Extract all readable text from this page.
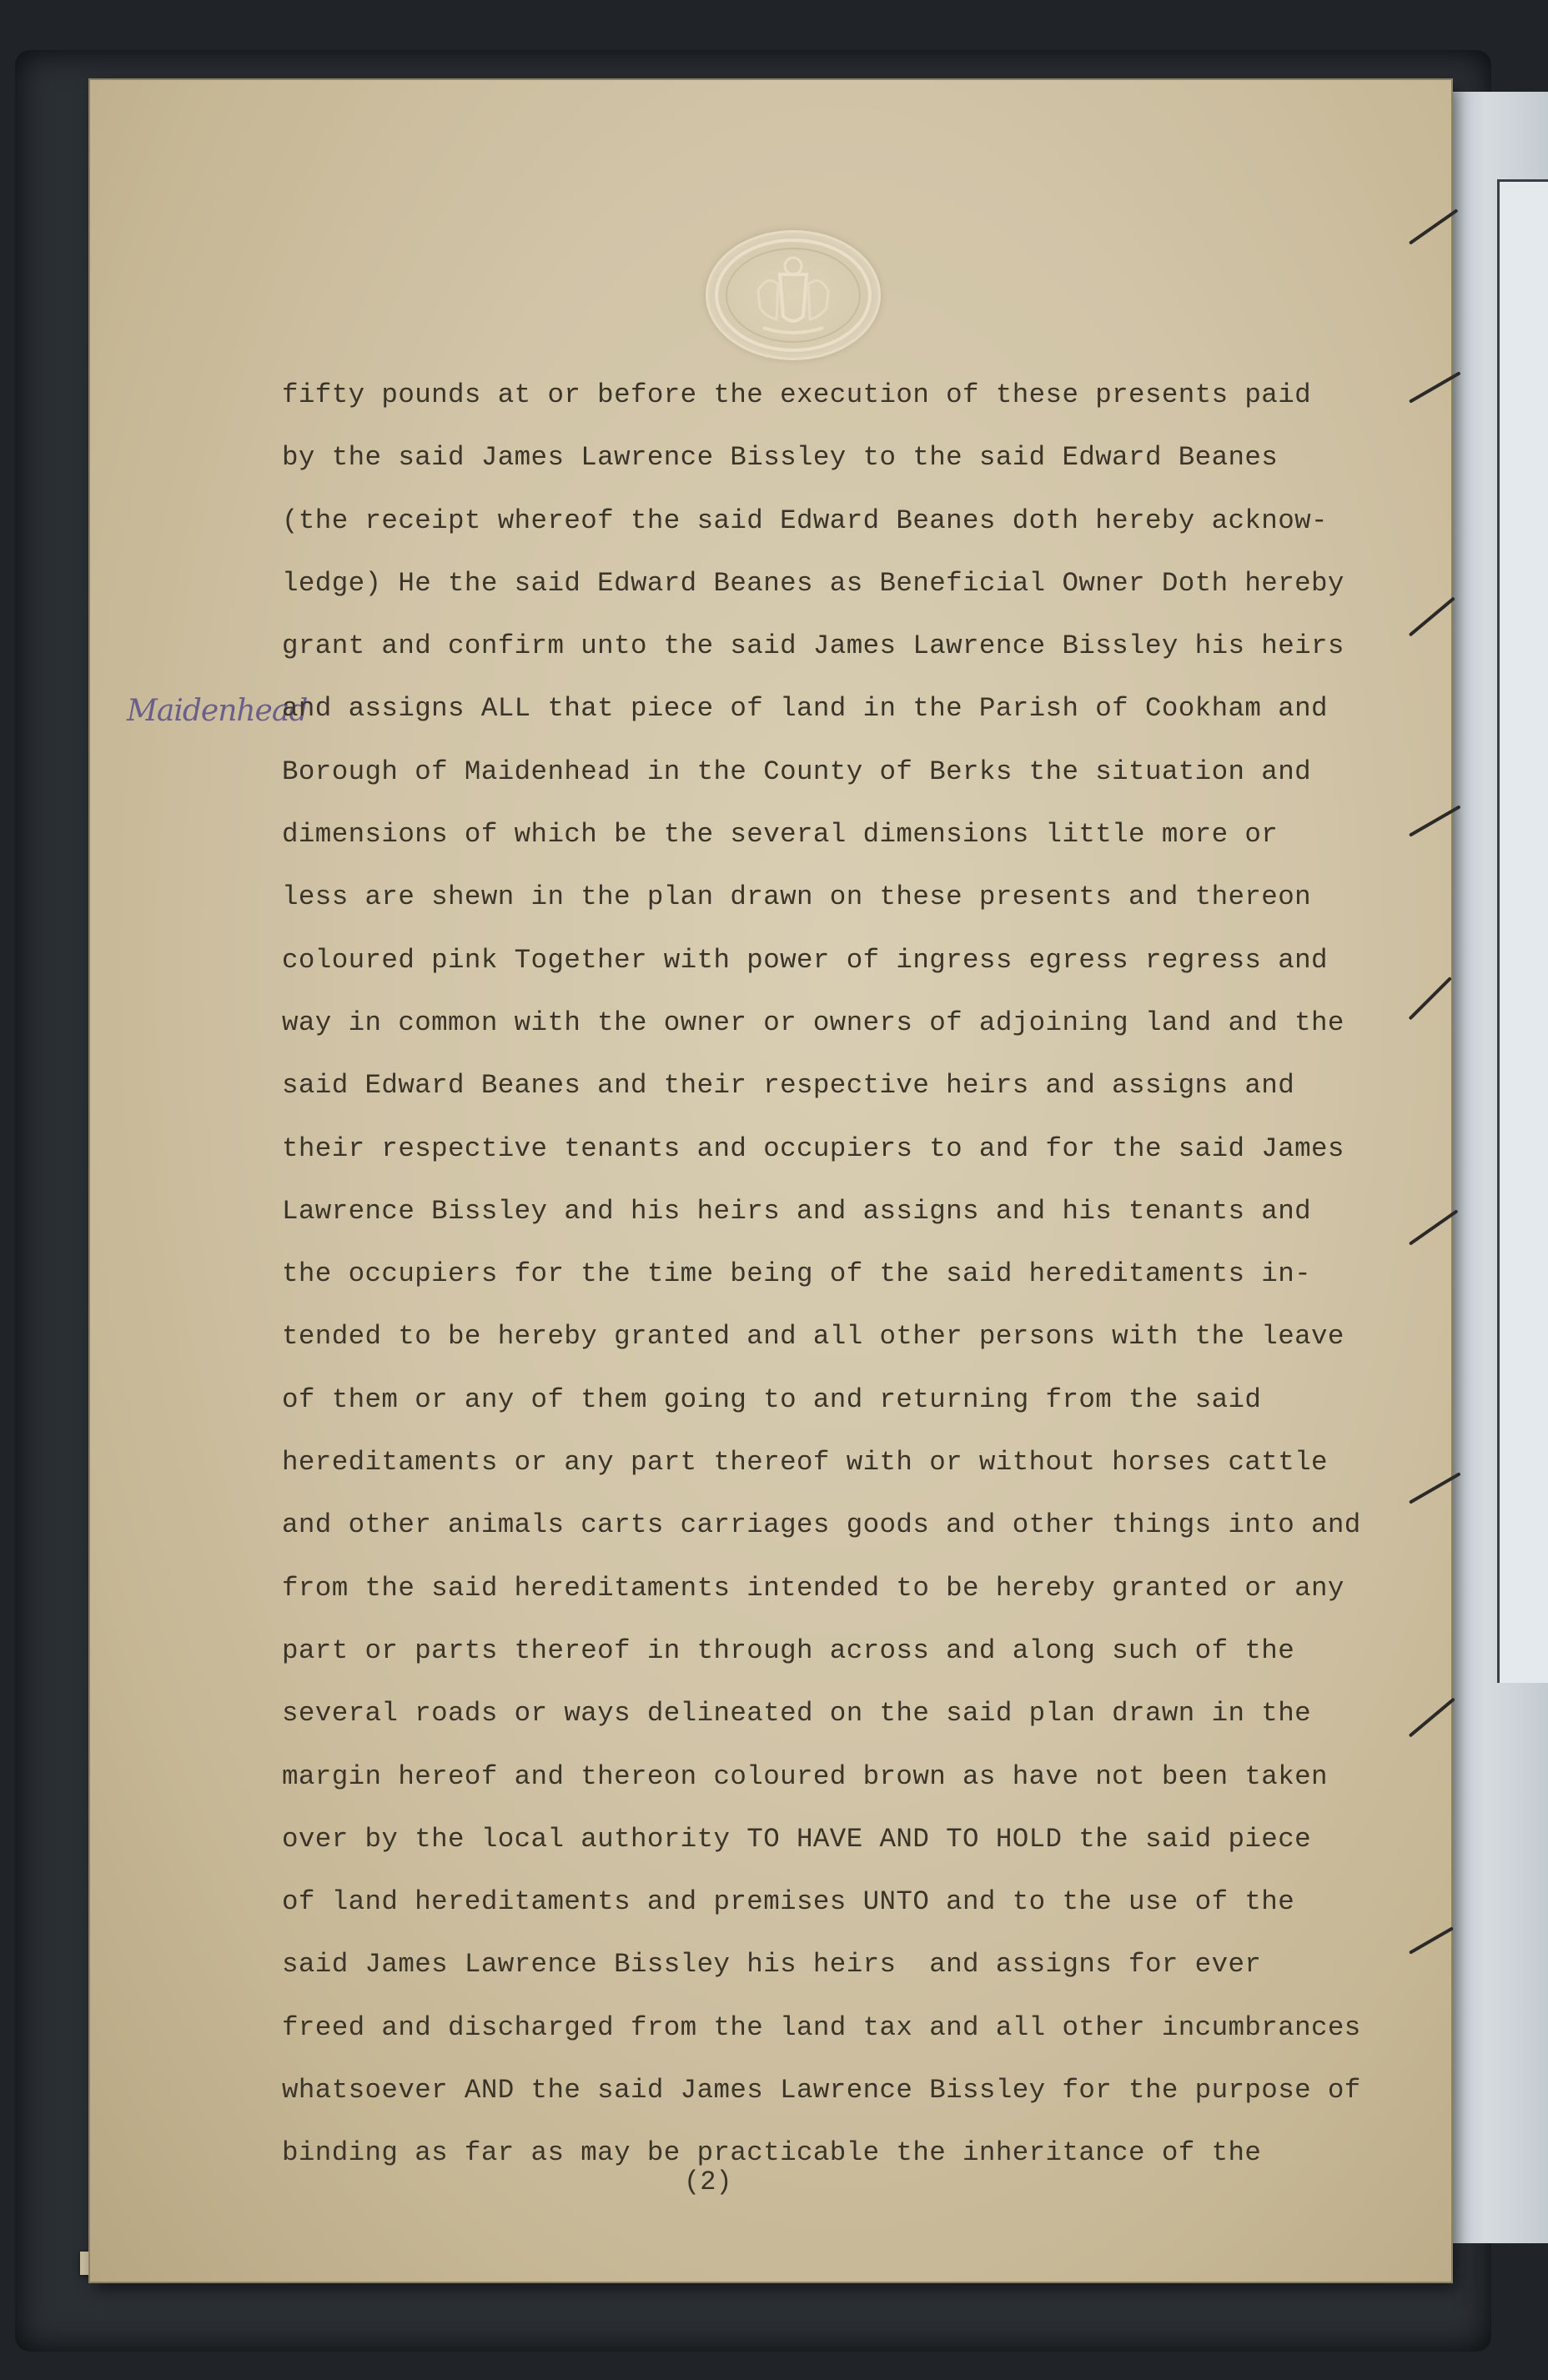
Maidenhead
fifty pounds at or before the execution of these presents paid
by the said James Lawrence Bissley to the said Edward Beanes
(the receipt whereof the said Edward Beanes doth hereby acknow-
ledge) He the said Edward Beanes as Beneficial Owner Doth hereby
grant and confirm unto the said James Lawrence Bissley his heirs
and assigns ALL that piece of land in the Parish of Cookham and
Borough of Maidenhead in the County of Berks the situation and
dimensions of which be the several dimensions little more or
less are shewn in the plan drawn on these presents and thereon
coloured pink Together with power of ingress egress regress and
way in common with the owner or owners of adjoining land and the
said Edward Beanes and their respective heirs and assigns and
their respective tenants and occupiers to and for the said James
Lawrence Bissley and his heirs and assigns and his tenants and
the occupiers for the time being of the said hereditaments in-
tended to be hereby granted and all other persons with the leave
of them or any of them going to and returning from the said
hereditaments or any part thereof with or without horses cattle
and other animals carts carriages goods and other things into and
from the said hereditaments intended to be hereby granted or any
part or parts thereof in through across and along such of the
several roads or ways delineated on the said plan drawn in the
margin hereof and thereon coloured brown as have not been taken
over by the local authority TO HAVE AND TO HOLD the said piece
of land hereditaments and premises UNTO and to the use of the
said James Lawrence Bissley his heirs  and assigns for ever
freed and discharged from the land tax and all other incumbrances
whatsoever AND the said James Lawrence Bissley for the purpose of
binding as far as may be practicable the inheritance of the
(2)
